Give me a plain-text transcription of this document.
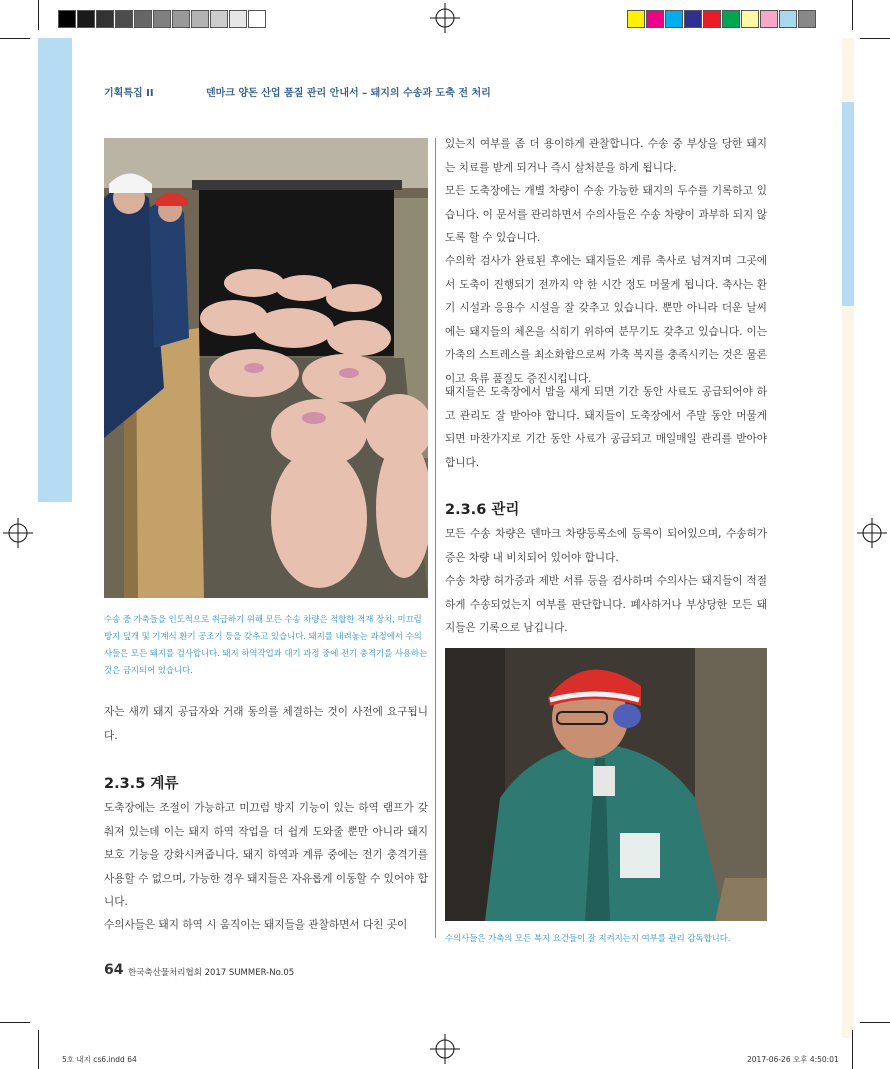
기획특집 II	덴마크 양돈 산업 품질 관리 안내서 – 돼지의 수송과 도축 전 처리
수송 중 가축들을 인도적으로 취급하기 위해 모든 수송 차량은 적합한 적재 장치, 미끄럼 방지 덮개 및 기계식 환기 공조기 등을 갖추고 있습니다. 돼지를 내려놓는 과정에서 수의사들은 모든 돼지를 검사합니다. 돼지 하역작업과 대기 과정 중에 전기 충격기를 사용하는 것은 금지되어 있습니다.
자는 새끼 돼지 공급자와 거래 동의를 체결하는 것이 사전에 요구됩니다.
2.3.5 계류
도축장에는 조절이 가능하고 미끄럼 방지 기능이 있는 하역 램프가 갖춰져 있는데 이는 돼지 하역 작업을 더 쉽게 도와줄 뿐만 아니라 돼지 보호 기능을 강화시켜줍니다. 돼지 하역과 계류 중에는 전기 충격기를 사용할 수 없으며, 가능한 경우 돼지들은 자유롭게 이동할 수 있어야 합니다.
수의사들은 돼지 하역 시 움직이는 돼지들을 관찰하면서 다친 곳이
있는지 여부를 좀 더 용이하게 관찰합니다. 수송 중 부상을 당한 돼지는 치료를 받게 되거나 즉시 살처분을 하게 됩니다.
모든 도축장에는 개별 차량이 수송 가능한 돼지의 두수를 기록하고 있습니다. 이 문서를 관리하면서 수의사들은 수송 차량이 과부하 되지 않도록 할 수 있습니다.
수의학 검사가 완료된 후에는 돼지들은 계류 축사로 넘겨지며 그곳에서 도축이 진행되기 전까지 약 한 시간 정도 머물게 됩니다. 축사는 환기 시설과 응용수 시설을 잘 갖추고 있습니다. 뿐만 아니라 더운 날씨에는 돼지들의 체온을 식히기 위하여 분무기도 갖추고 있습니다. 이는 가축의 스트레스를 최소화함으로써 가축 복지를 충족시키는 것은 물론이고 육류 품질도 증진시킵니다.
돼지들은 도축장에서 밤을 새게 되면 기간 동안 사료도 공급되어야 하고 관리도 잘 받아야 합니다. 돼지들이 도축장에서 주말 동안 머물게 되면 마찬가지로 기간 동안 사료가 공급되고 매일매일 관리를 받아야 합니다.
2.3.6 관리
모든 수송 차량은 덴마크 차량등록소에 등록이 되어있으며, 수송허가증은 차량 내 비치되어 있어야 합니다.
수송 차량 허가증과 제반 서류 등을 검사하며 수의사는 돼지들이 적절하게 수송되었는지 여부를 판단합니다. 폐사하거나 부상당한 모든 돼지들은 기록으로 남깁니다.
수의사들은 가축의 모든 복지 요건들이 잘 지켜지는지 여부를 관리 감독합니다.
64 한국축산물처리협회 2017 SUMMER-No.05
5호 내지 cs6.indd 64	2017-06-26 오후 4:50:01
